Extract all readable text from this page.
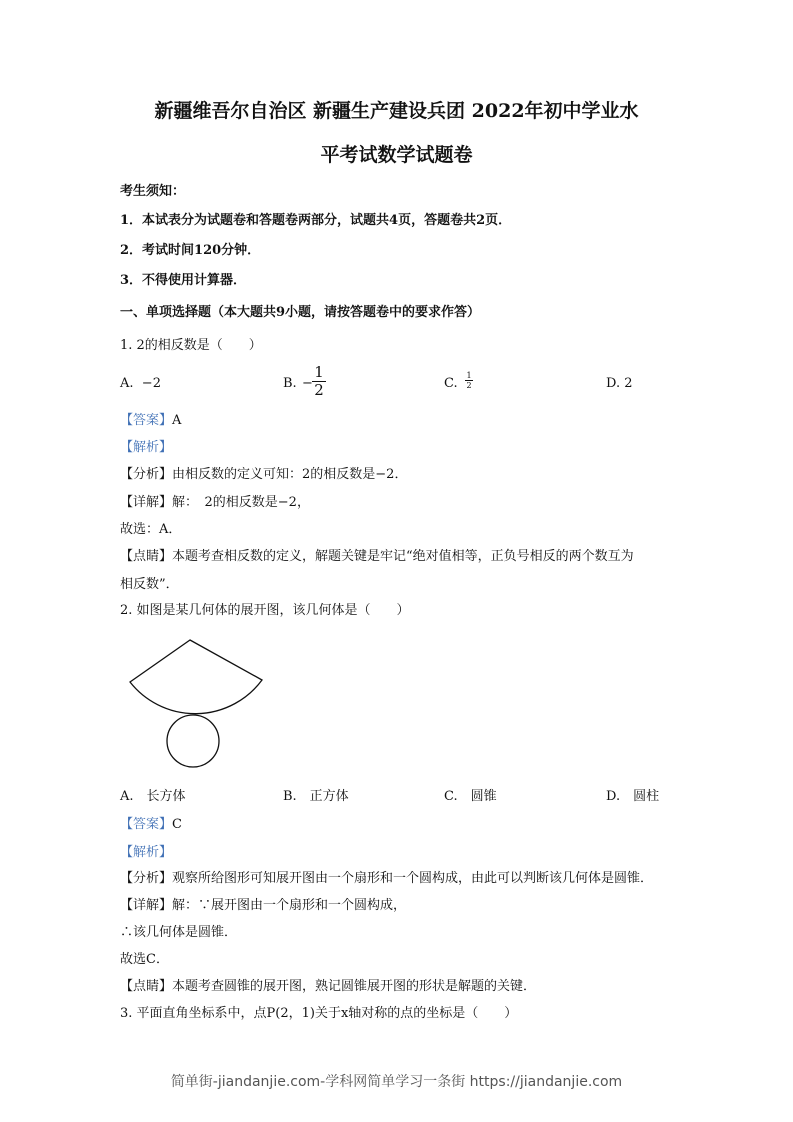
新疆维吾尔自治区 新疆生产建设兵团 2022年初中学业水
平考试数学试题卷
考生须知：
1．本试表分为试题卷和答题卷两部分，试题共4页，答题卷共2页．
2．考试时间120分钟．
3．不得使用计算器．
一、单项选择题（本大题共9小题，请按答题卷中的要求作答）
1. 2的相反数是（　　）
A. −2	B. −
1
2	C.
1
2	D. 2
【答案】A
【解析】
【分析】由相反数的定义可知：2的相反数是−2．
【详解】解：　2的相反数是−2，
故选：A．
【点睛】本题考查相反数的定义，解题关键是牢记“绝对值相等，正负号相反的两个数互为
相反数”．
2. 如图是某几何体的展开图，该几何体是（　　）
A.　长方体	B.　正方体	C.　圆锥	D.　圆柱
【答案】C
【解析】
【分析】观察所给图形可知展开图由一个扇形和一个圆构成，由此可以判断该几何体是圆锥．
【详解】解：∵展开图由一个扇形和一个圆构成，
∴该几何体是圆锥．
故选C．
【点睛】本题考查圆锥的展开图，熟记圆锥展开图的形状是解题的关键．
3. 平面直角坐标系中，点P(2，1)关于x轴对称的点的坐标是（　　）
简单街-jiandanjie.com-学科网简单学习一条街 https://jiandanjie.com
